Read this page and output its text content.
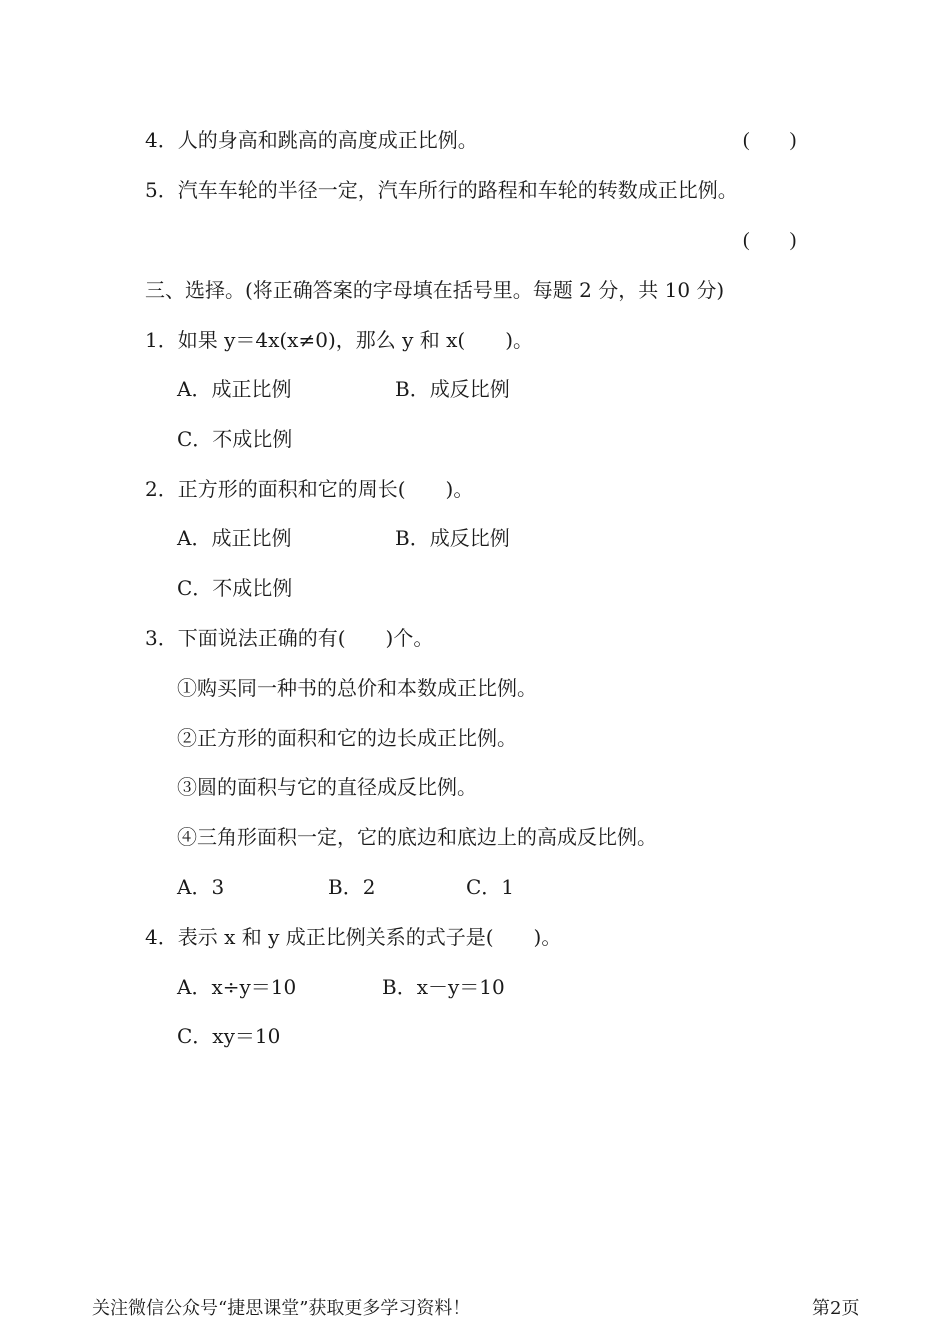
4．人的身高和跳高的高度成正比例。	(　　)
5．汽车车轮的半径一定，汽车所行的路程和车轮的转数成正比例。
(　　)
三、选择。(将正确答案的字母填在括号里。每题 2 分，共 10 分)
1．如果 y＝4x(x≠0)，那么 y 和 x(　　)。
A．成正比例	B．成反比例
C．不成比例
2．正方形的面积和它的周长(　　)。
A．成正比例	B．成反比例
C．不成比例
3．下面说法正确的有(　　)个。
①购买同一种书的总价和本数成正比例。
②正方形的面积和它的边长成正比例。
③圆的面积与它的直径成反比例。
④三角形面积一定，它的底边和底边上的高成反比例。
A．3	B．2	C．1
4．表示 x 和 y 成正比例关系的式子是(　　)。
A．x÷y＝10	B．x－y＝10
C．xy＝10
关注微信公众号“捷思课堂”获取更多学习资料！	第2页
